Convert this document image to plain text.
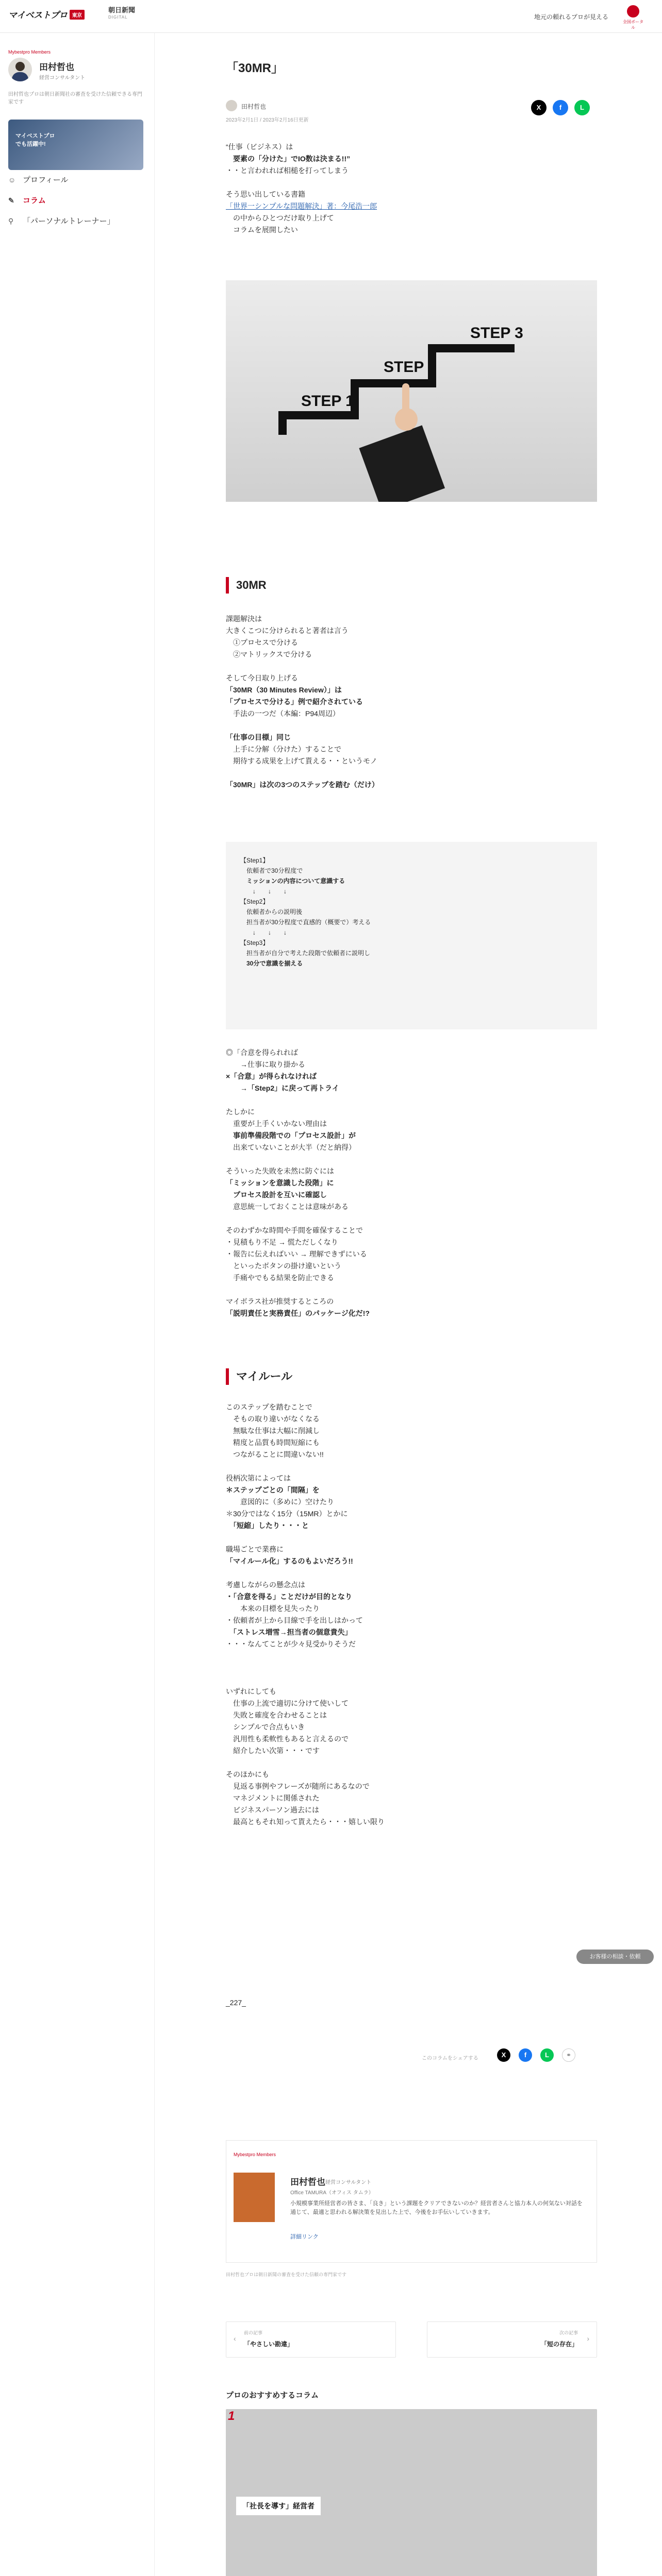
マイベストプロ 東京
朝日新聞
DIGITAL	地元の頼れるプロが見える
全国ポータル
Mybestpro Members
田村哲也
経営コンサルタント
田村哲也プロは朝日新聞社の審査を受けた信頼できる専門家です
マイベストプロ
でも活躍中!
☺ プロフィール
✎ コラム
⚲ 「パーソナルトレーナー」
「30MR」
田村哲也
2023年2月1日 / 2023年2月16日更新
X	f	L
“仕事（ビジネス）は
　要素の「分けた」でIO数は決まる!!”
・・と言われれば相槌を打ってしまう

そう思い出している書籍
「世界一シンプルな問題解決」著：今尾浩一郎
　の中からひとつだけ取り上げて
　コラムを展開したい
STEP 1
STEP 2
STEP 3
30MR
課題解決は
大きくこつに分けられると著者は言う
　①プロセスで分ける
　②マトリックスで分ける

そして今日取り上げる
「30MR（30 Minutes Review）」は
「プロセスで分ける」例で紹介されている
　手法の一つだ（本編：P94周辺）

「仕事の目標」同じ
　上手に分解（分けた）することで
　期待する成果を上げて貰える・・というモノ

「30MR」は次の3つのステップを踏む（だけ）
【Step1】
　依頼者で30分程度で
　ミッションの内容について意識する
　　↓　　↓　　↓
【Step2】
　依頼者からの説明後
　担当者が30分程度で直感的（概要で）考える
　　↓　　↓　　↓
【Step3】
　担当者が自分で考えた段階で依頼者に説明し
　30分で意識を揃える
◎「合意を得られれば
　　→仕事に取り掛かる
×「合意」が得られなければ
　　→「Step2」に戻って再トライ

たしかに
　重要が上手くいかない理由は
　事前準備段階での「プロセス設計」が
　出来ていないことが大半（だと納得）

そういった失敗を未然に防ぐには
「ミッションを意識した段階」に
　プロセス設計を互いに確認し
　意思統一しておくことは意味がある

そのわずかな時間や手間を確保することで
・見積もり不足 → 慌ただしくなり
・報告に伝えればいい → 理解できずにいる
　といったボタンの掛け違いという
　手痛やでもる結果を防止できる

マイボラス社が推奨するところの
「説明責任と実務責任」のパッケージ化だ!?
マイルール
このステップを踏むことで
　そもの取り違いがなくなる
　無駄な仕事は大幅に削減し
　精度と品質も時間短縮にも
　つながることに間違いない!!

役柄次第によっては
＊ステップごとの「間隔」を
　　意図的に（多めに）空けたり
＊30分ではなく15分（15MR）とかに
　「短縮」したり・・・と

職場ごとで業務に
「マイルール化」するのもよいだろう!!

考慮しながらの懸念点は
・「合意を得る」ことだけが目的となり
　　本来の目標を見失ったり
・依頼者が上から目線で手を出しはかって
　「ストレス増雪→担当者の個意貴失」
・・・なんてことが少々見受かりそうだ

いずれにしても
　仕事の上流で適切に分けて使いして
　失敗と確度を合わせることは
　シンプルで合点もいき
　汎用性も柔軟性もあると言えるので
　紹介したい次第・・・です

そのほかにも
　見返る事例やフレーズが随所にあるなので
　マネジメントに関係された
　ビジネスパーソン過去には
　最高ともそれ知って貰えたら・・・嬉しい限り
_227_
お客様の相談・依頼
このコラムをシェアする	X	f	L	⚭
Mybestpro Members
田村哲也 経営コンサルタント
Office TAMURA（オフィス タムラ）
小規模事業所経営者の皆さま、「良き」という課題をクリアできないのか？経営者さんと協力本人の何気ない対話を通じて、最適と思われる解決策を見出した上で、今後をお手伝いしていきます。
詳細リンク
田村哲也プロは朝日新聞の審査を受けた信頼の専門家です
‹
前の記事
「やさしい勘違」
次の記事
「短の存在」
›
プロのおすすめするコラム
1
「社長を導す」経営者
